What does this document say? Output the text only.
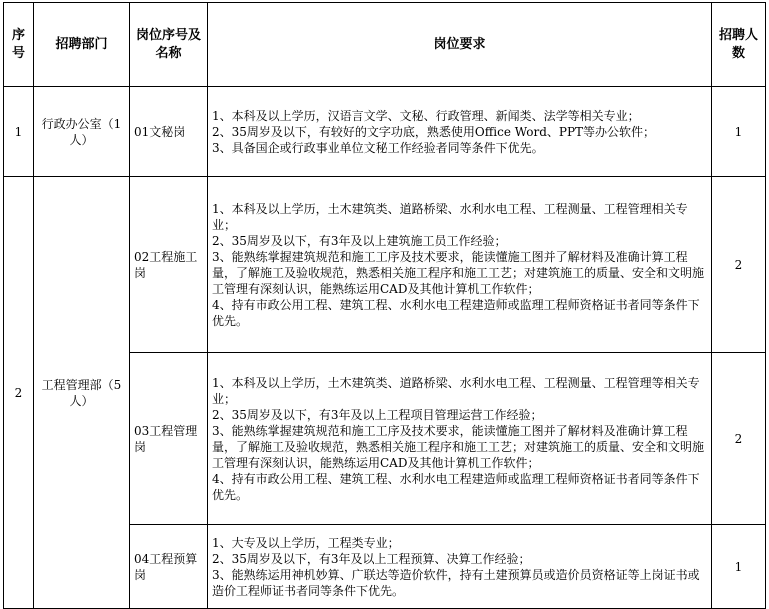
序号	招聘部门	岗位序号及名称	岗位要求	招聘人数
1	行政办公室（1人）	01文秘岗	1、本科及以上学历，汉语言文学、文秘、行政管理、新闻类、法学等相关专业；
2、35周岁及以下，有较好的文字功底，熟悉使用Office Word、PPT等办公软件；
3、具备国企或行政事业单位文秘工作经验者同等条件下优先。	1
2	工程管理部（5人）	02工程施工岗	1、本科及以上学历，土木建筑类、道路桥梁、水利水电工程、工程测量、工程管理相关专业；
2、35周岁及以下，有3年及以上建筑施工员工作经验；
3、能熟练掌握建筑规范和施工工序及技术要求，能读懂施工图并了解材料及准确计算工程量，了解施工及验收规范，熟悉相关施工程序和施工工艺；对建筑施工的质量、安全和文明施工管理有深刻认识，能熟练运用CAD及其他计算机工作软件；
4、持有市政公用工程、建筑工程、水利水电工程建造师或监理工程师资格证书者同等条件下优先。	2
		03工程管理岗	1、本科及以上学历，土木建筑类、道路桥梁、水利水电工程、工程测量、工程管理等相关专业；
2、35周岁及以下，有3年及以上工程项目管理运营工作经验；
3、能熟练掌握建筑规范和施工工序及技术要求，能读懂施工图并了解材料及准确计算工程量，了解施工及验收规范，熟悉相关施工程序和施工工艺；对建筑施工的质量、安全和文明施工管理有深刻认识，能熟练运用CAD及其他计算机工作软件；
4、持有市政公用工程、建筑工程、水利水电工程建造师或监理工程师资格证书者同等条件下优先。	2
		04工程预算岗	1、大专及以上学历，工程类专业；
2、35周岁及以下，有3年及以上工程预算、决算工作经验；
3、能熟练运用神机妙算、广联达等造价软件，持有土建预算员或造价员资格证等上岗证书或造价工程师证书者同等条件下优先。	1
